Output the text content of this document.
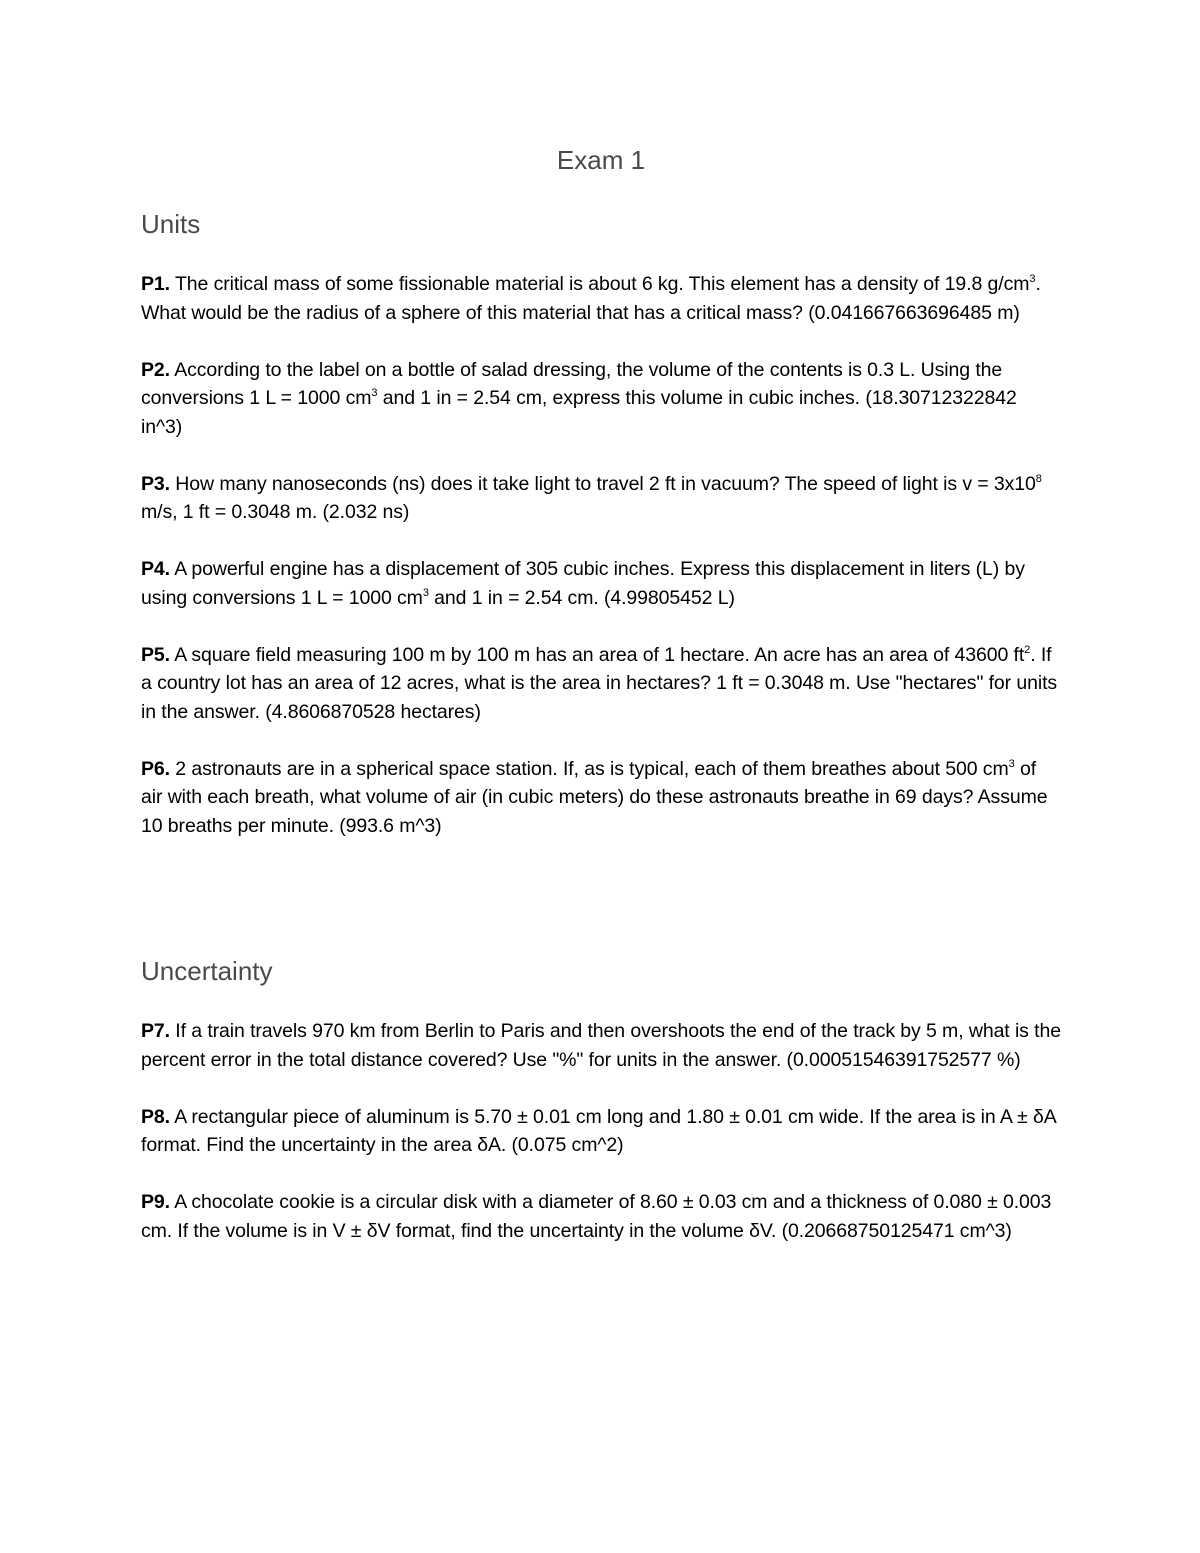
Exam 1
Units

P1. The critical mass of some fissionable material is about 6 kg. This element has a density of 19.8 $g/cm^3$. What would be the radius of a sphere of this material that has a critical mass? (0.041667663696485 m)

P2. According to the label on a bottle of salad dressing, the volume of the contents is 0.3 L. Using the conversions 1 L = 1000 $cm^3$ and 1 in = 2.54 cm, express this volume in cubic inches. (18.30712322842 in^3)

P3. How many nanoseconds (ns) does it take light to travel 2 ft in vacuum? The speed of light is $v = 3x10^8$ m/s, 1 ft = 0.3048 m. (2.032 ns)

P4. A powerful engine has a displacement of 305 cubic inches. Express this displacement in liters (L) by using conversions 1 L = 1000 $cm^3$ and 1 in = 2.54 cm. (4.99805452 L)

P5. A square field measuring 100 m by 100 m has an area of 1 hectare. An acre has an area of 43600 $ft^2$. If a country lot has an area of 12 acres, what is the area in hectares? 1 ft = 0.3048 m. Use "hectares" for units in the answer. (4.8606870528 hectares)

P6. 2 astronauts are in a spherical space station. If, as is typical, each of them breathes about 500 $cm^3$ of air with each breath, what volume of air (in cubic meters) do these astronauts breathe in 69 days? Assume 10 breaths per minute. (993.6 m^3)

Uncertainty

P7. If a train travels 970 km from Berlin to Paris and then overshoots the end of the track by 5 m, what is the percent error in the total distance covered? Use "%" for units in the answer. (0.00051546391752577 %)

P8. A rectangular piece of aluminum is 5.70 ± 0.01 cm long and 1.80 ± 0.01 cm wide. If the area is in A ± δA format. Find the uncertainty in the area δA. (0.075 cm^2)

P9. A chocolate cookie is a circular disk with a diameter of 8.60 ± 0.03 cm and a thickness of 0.080 ± 0.003 cm. If the volume is in V ± δV format, find the uncertainty in the volume δV. (0.20668750125471 cm^3)
